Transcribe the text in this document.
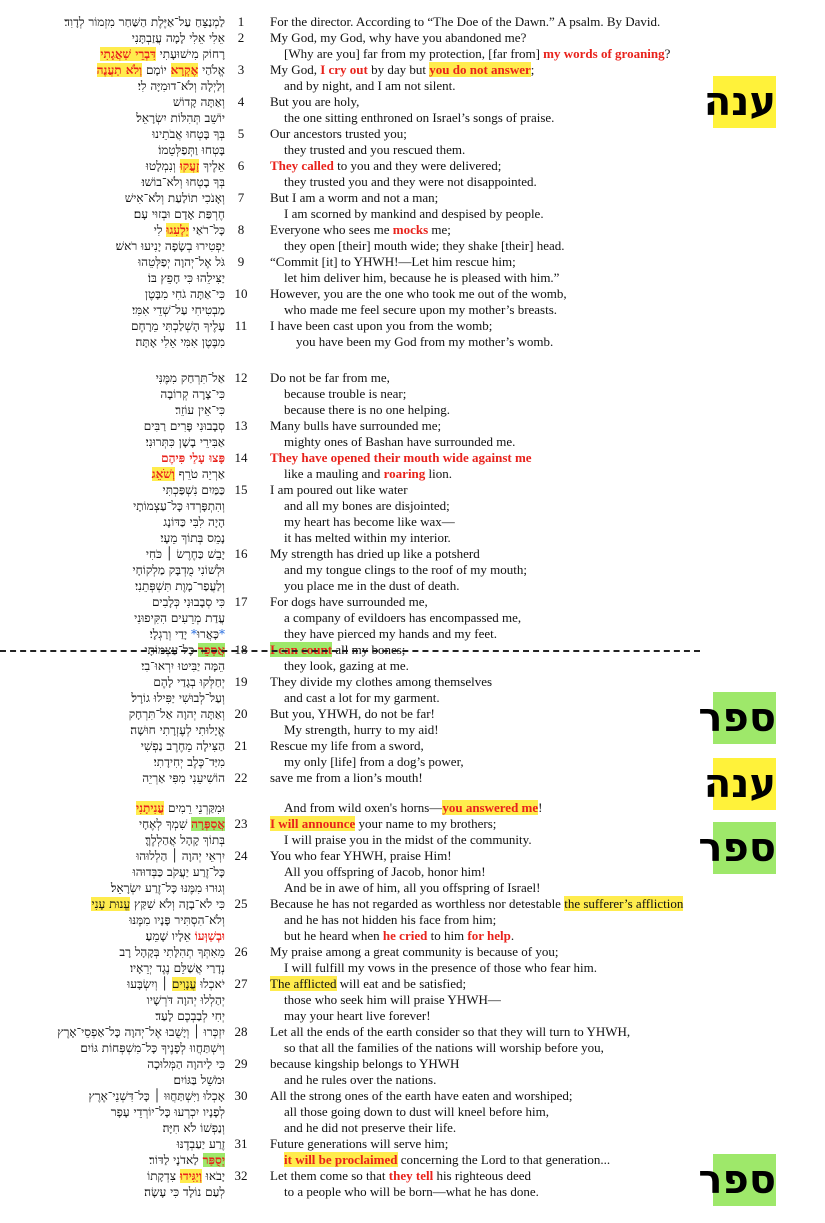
לַמְנַצֵּחַ עַל־אַיֶּלֶת הַשַּׁחַר מִזְמוֹר לְדָוִד׃ 1	For the director. According to “The Doe of the Dawn.” A psalm. By David.
אֵלִי אֵלִי לָמָה עֲזַבְתָּנִי 2	My God, my God, why have you abandoned me?
רָחוֹק מִישׁוּעָתִי דִּבְרֵי שַׁאֲגָתִי	[Why are you] far from my protection, [far from] my words of groaning?
אֱלֹהַי אֶקְרָא יוֹמָם וְלֹא תַעֲנֶה	3	My God, I cry out by day but you do not answer;
וְלַיְלָה וְלֹא־דוּמִיָּה לִי׃	and by night, and I am not silent.
וְאַתָּה קָדוֹשׁ 4	But you are holy,
יוֹשֵׁב תְּהִלּוֹת יִשְׂרָאֵל׃	the one sitting enthroned on Israel’s songs of praise.
בְּךָ בָּטְחוּ אֲבֹתֵינוּ 5	Our ancestors trusted you;
בָּטְחוּ וַתְּפַלְּטֵמוֹ׃	they trusted and you rescued them.
אֵלֶיךָ זָעֲקוּ וְנִמְלָטוּ	6	They called to you and they were delivered;
בְּךָ בָטְחוּ וְלֹא־בוֹשׁוּ׃	they trusted you and they were not disappointed.
וְאָנֹכִי תוֹלַעַת וְלֹא־אִישׁ 7	But I am a worm and not a man;
חֶרְפַּת אָדָם וּבְזוּי עָם׃	I am scorned by mankind and despised by people.
כָּל־רֹאַי יַלְעִגוּ לִי	8	Everyone who sees me mocks me;
יַפְטִירוּ בְשָׂפָה יָנִיעוּ רֹאשׁ׃	they open [their] mouth wide; they shake [their] head.
גֹּל אֶל־יְהוָה יְפַלְּטֵהוּ 9	“Commit [it] to YHWH!—Let him rescue him;
יַצִּילֵהוּ כִּי חָפֵץ בּוֹ׃	let him deliver him, because he is pleased with him.”
כִּי־אַתָּה גֹחִי מִבָּטֶן 10	However, you are the one who took me out of the womb,
מַבְטִיחִי עַל־שְׁדֵי אִמִּי׃	who made me feel secure upon my mother’s breasts.
עָלֶיךָ הָשְׁלַכְתִּי מֵרָחֶם 11	I have been cast upon you from the womb;
מִבֶּטֶן אִמִּי אֵלִי אָתָּה׃	you have been my God from my mother’s womb.
אַל־תִּרְחַק מִמֶּנִּי 12	Do not be far from me,
כִּי־צָרָה קְרוֹבָה	because trouble is near;
כִּי־אֵין עוֹזֵר׃	because there is no one helping.
סְבָבוּנִי פָּרִים רַבִּים 13	Many bulls have surrounded me;
אַבִּירֵי בָשָׁן כִּתְּרוּנִי׃	mighty ones of Bashan have surrounded me.
פָּצוּ עָלַי פִּיהֶם 14	They have opened their mouth wide against me
אַרְיֵה טֹרֵף וְשֹׁאֵג	like a mauling and roaring lion.
כַּמַּיִם נִשְׁפַּכְתִּי 15	I am poured out like water
וְהִתְפָּרְדוּ כָּל־עַצְמוֹתָי	and all my bones are disjointed;
הָיָה לִבִּי כַּדּוֹנָג	my heart has become like wax—
נָמֵס בְּתוֹךְ מֵעָי׃	it has melted within my interior.
יָבֵשׁ כַּחֶרֶשׂ ׀ כֹּחִי 16	My strength has dried up like a potsherd
וּלְשׁוֹנִי מֻדְבָּק מַלְקוֹחָי	and my tongue clings to the roof of my mouth;
וְלַעֲפַר־מָוֶת תִּשְׁפְּתֵנִי׃	you place me in the dust of death.
כִּי סְבָבוּנִי כְּלָבִים 17	For dogs have surrounded me,
עֲדַת מְרֵעִים הִקִּיפוּנִי	a company of evildoers has encompassed me,
*כָּאֲרוּ* יָדַי וְרַגְלָי׃	they have pierced my hands and my feet.
אֲסַפֵּר כָּל־עַצְמוֹתָי	18	I can count all my bones;
הֵמָּה יַבִּיטוּ יִרְאוּ־בִי׃	they look, gazing at me.
יְחַלְּקוּ בְגָדַי לָהֶם 19	They divide my clothes among themselves
וְעַל־לְבוּשִׁי יַפִּילוּ גוֹרָל׃	and cast a lot for my garment.
וְאַתָּה יְהוָה אַל־תִּרְחָק 20	But you, YHWH, do not be far!
אֱיָלוּתִי לְעֶזְרָתִי חוּשָׁה׃	My strength, hurry to my aid!
הַצִּילָה מֵחֶרֶב נַפְשִׁי 21	Rescue my life from a sword,
מִיַּד־כֶּלֶב יְחִידָתִי׃	my only [life] from a dog’s power,
הוֹשִׁיעֵנִי מִפִּי אַרְיֵה 22	save me from a lion’s mouth!
וּמִקַּרְנֵי רֵמִים עֲנִיתָנִי	And from wild oxen's horns—you answered me!
אֲסַפְּרָה שִׁמְךָ לְאֶחָי	23	I will announce your name to my brothers;
בְּתוֹךְ קָהָל אֲהַלְלֶךָּ׃	I will praise you in the midst of the community.
יִרְאֵי יְהוָה ׀ הַלְלוּהוּ 24	You who fear YHWH, praise Him!
כָּל־זֶרַע יַעֲקֹב כַּבְּדוּהוּ	All you offspring of Jacob, honor him!
וְגוּרוּ מִמֶּנּוּ כָּל־זֶרַע יִשְׂרָאֵל׃	And be in awe of him, all you offspring of Israel!
כִּי לֹא־בָזָה וְלֹא שִׁקַּץ עֱנוּת עָנִי	25	Because he has not regarded as worthless nor detestable the sufferer’s affliction
וְלֹא־הִסְתִּיר פָּנָיו מִמֶּנּוּ	and he has not hidden his face from him;
וּבְשַׁוְּעוֹ אֵלָיו שָׁמֵעַ׃	but he heard when he cried to him for help.
מֵאִתְּךָ תְהִלָּתִי בְּקָהָל רָב 26	My praise among a great community is because of you;
נְדָרַי אֲשַׁלֵּם נֶגֶד יְרֵאָיו׃	I will fulfill my vows in the presence of those who fear him.
יֹאכְלוּ עֲנָוִים ׀ וְיִשְׂבָּעוּ	27	The afflicted will eat and be satisfied;
יְהַלְלוּ יְהוָה דֹּרְשָׁיו	those who seek him will praise YHWH—
יְחִי לְבַבְכֶם לָעַד׃	may your heart live forever!
יִזְכְּרוּ ׀ וְיָשֻׁבוּ אֶל־יְהוָה כָּל־אַפְסֵי־אָרֶץ 28	Let all the ends of the earth consider so that they will turn to YHWH,
וְיִשְׁתַּחֲווּ לְפָנֶיךָ כָּל־מִשְׁפְּחוֹת גּוֹיִם׃	so that all the families of the nations will worship before you,
כִּי לַיהוָה הַמְּלוּכָה 29	because kingship belongs to YHWH
וּמֹשֵׁל בַּגּוֹיִם׃	and he rules over the nations.
אָכְלוּ וַיִּשְׁתַּחֲוּוּ ׀ כָּל־דִּשְׁנֵי־אֶרֶץ 30	All the strong ones of the earth have eaten and worshiped;
לְפָנָיו יִכְרְעוּ כָּל־יוֹרְדֵי עָפָר	all those going down to dust will kneel before him,
וְנַפְשׁוֹ לֹא חִיָּה׃	and he did not preserve their life.
זֶרַע יַעַבְדֶנּוּ 31	Future generations will serve him;
יְסֻפַּר לַאדֹנָי לַדּוֹר׃	it will be proclaimed concerning the Lord to that generation...
יָבֹאוּ וְיַגִּידוּ צִדְקָתוֹ	32	Let them come so that they tell his righteous deed
לְעַם נוֹלָד כִּי עָשָׂה׃	to a people who will be born—what he has done.
ענה
ספר
ענה
ספר
ספר
